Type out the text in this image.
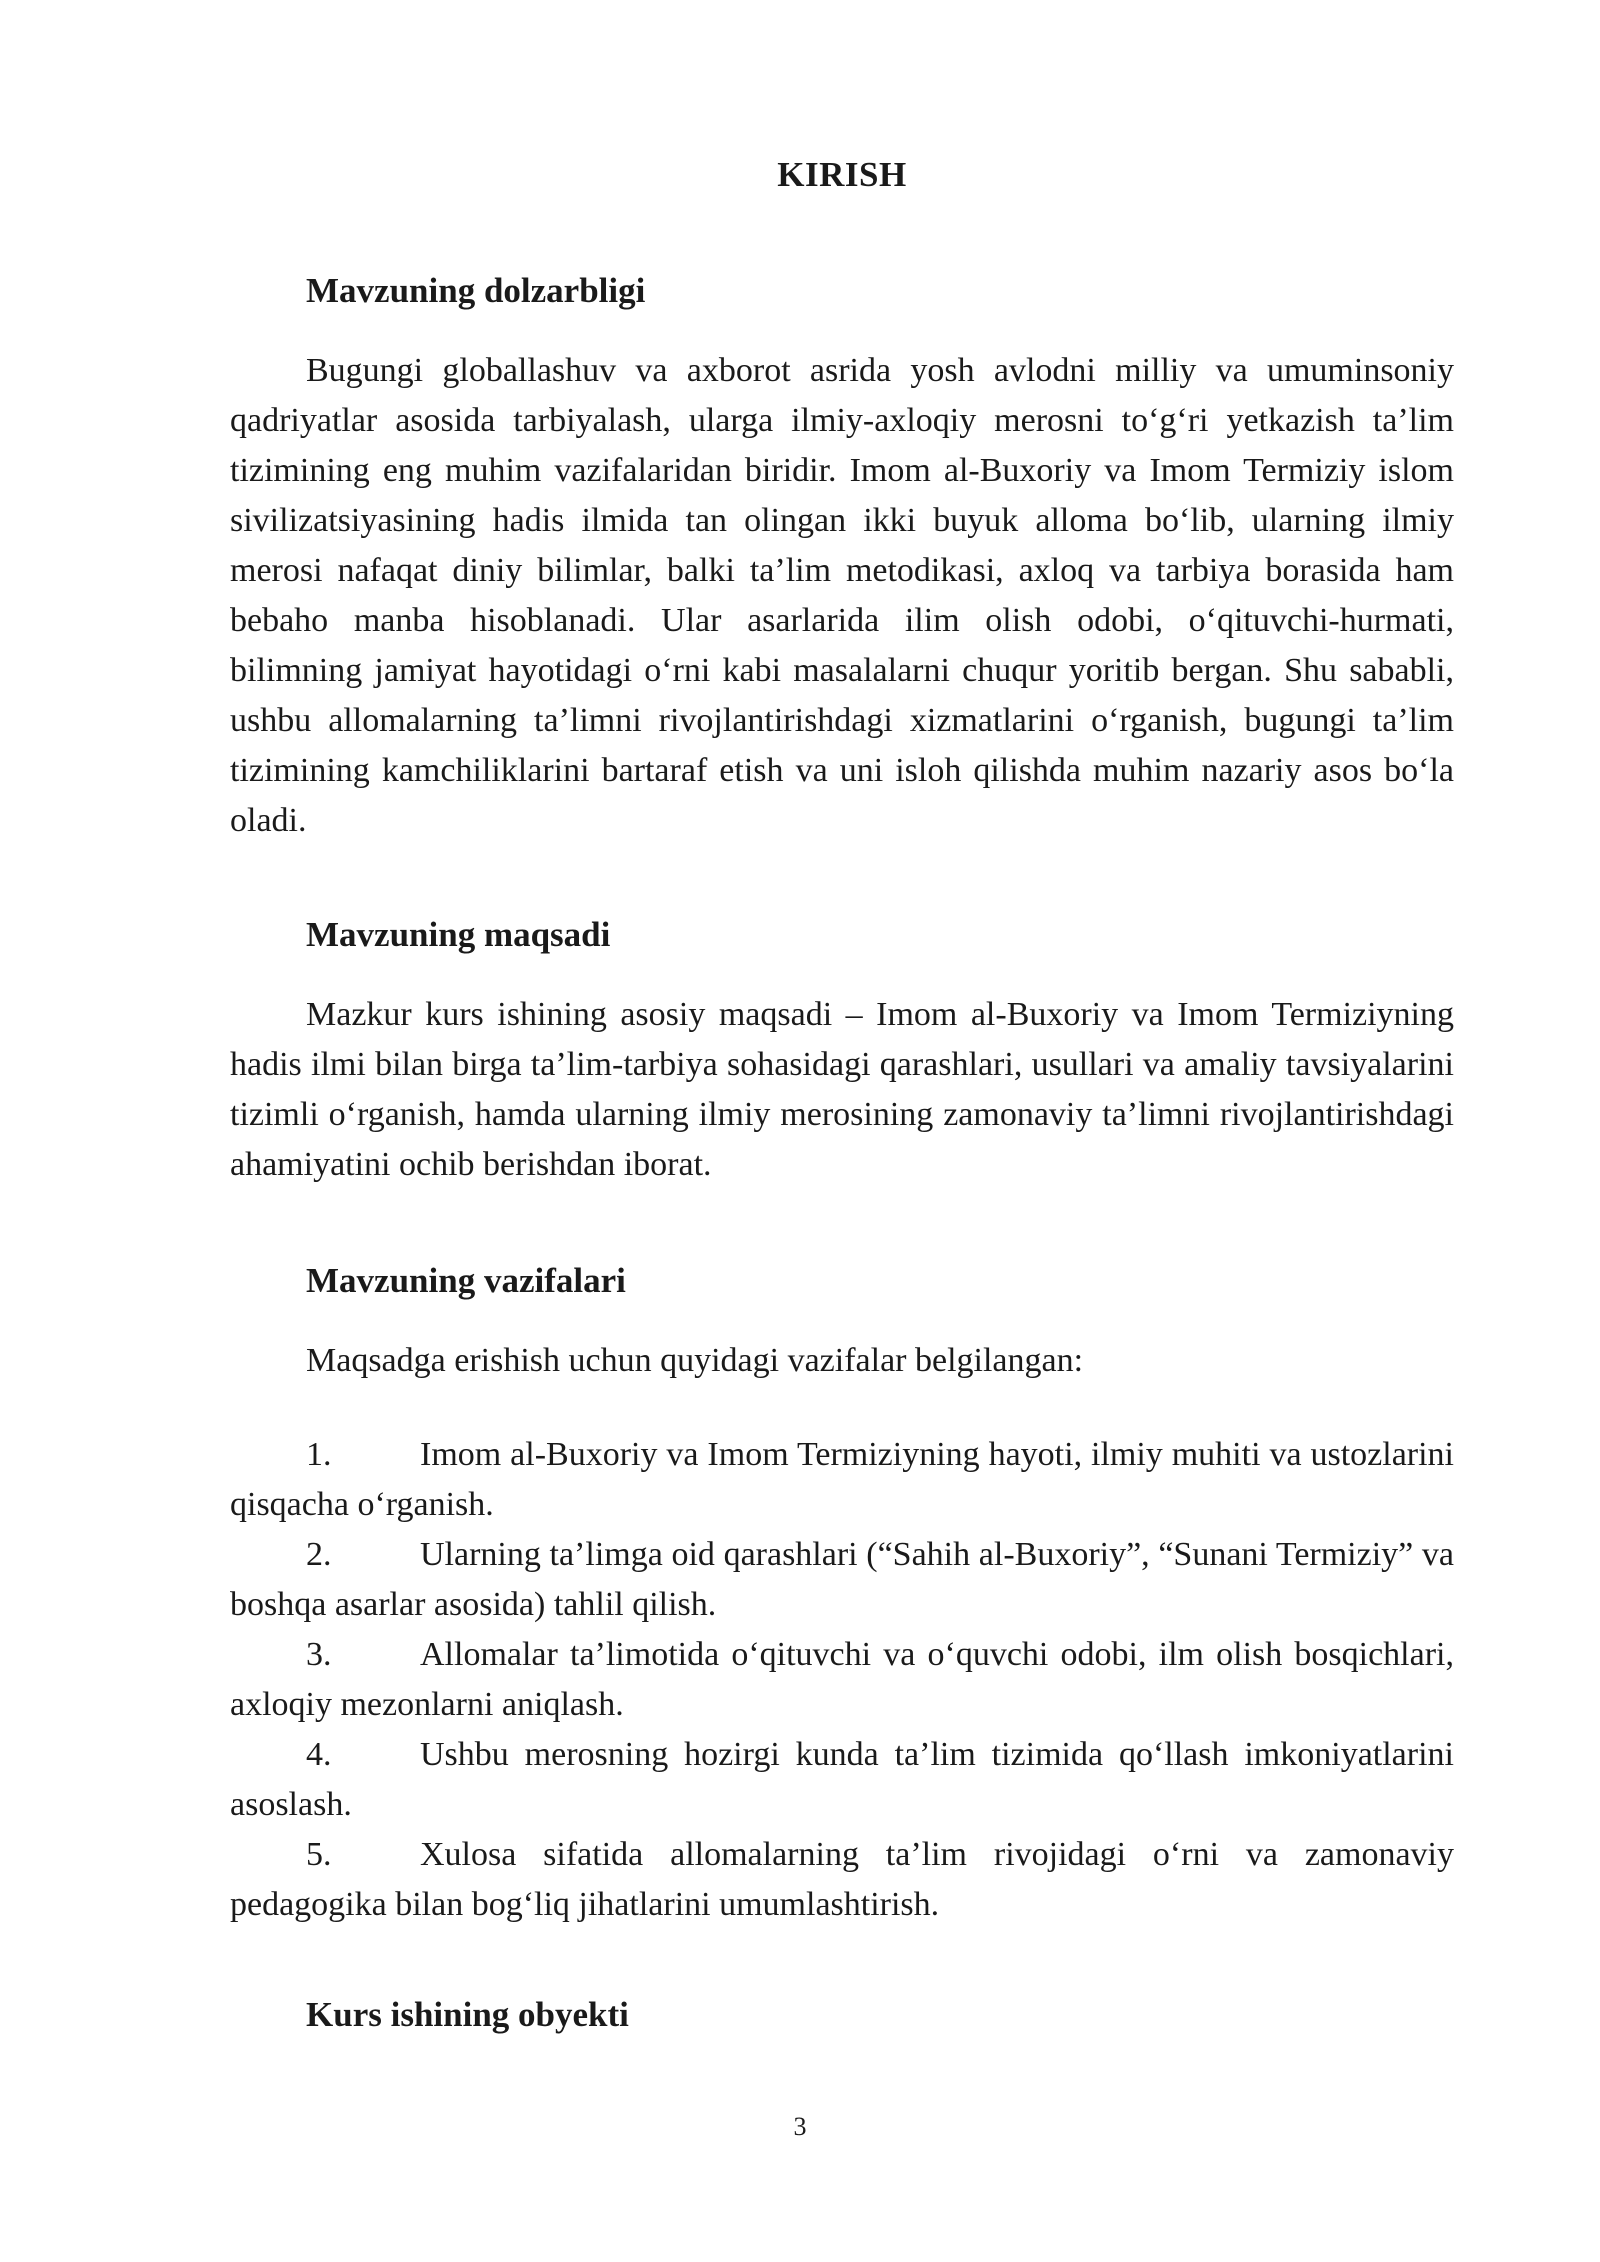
KIRISH
Mavzuning dolzarbligi

Bugungi globallashuv va axborot asrida yosh avlodni milliy va umuminsoniy qadriyatlar asosida tarbiyalash, ularga ilmiy-axloqiy merosni to‘g‘ri yetkazish ta’lim tizimining eng muhim vazifalaridan biridir. Imom al-Buxoriy va Imom Termiziy islom sivilizatsiyasining hadis ilmida tan olingan ikki buyuk alloma bo‘lib, ularning ilmiy merosi nafaqat diniy bilimlar, balki ta’lim metodikasi, axloq va tarbiya borasida ham bebaho manba hisoblanadi. Ular asarlarida ilim olish odobi, o‘qituvchi-hurmati, bilimning jamiyat hayotidagi o‘rni kabi masalalarni chuqur yoritib bergan. Shu sababli, ushbu allomalarning ta’limni rivojlantirishdagi xizmatlarini o‘rganish, bugungi ta’lim tizimining kamchiliklarini bartaraf etish va uni isloh qilishda muhim nazariy asos bo‘la oladi.

Mavzuning maqsadi

Mazkur kurs ishining asosiy maqsadi – Imom al-Buxoriy va Imom Termiziyning hadis ilmi bilan birga ta’lim-tarbiya sohasidagi qarashlari, usullari va amaliy tavsiyalarini tizimli o‘rganish, hamda ularning ilmiy merosining zamonaviy ta’limni rivojlantirishdagi ahamiyatini ochib berishdan iborat.

Mavzuning vazifalari

Maqsadga erishish uchun quyidagi vazifalar belgilangan:

1.	Imom al-Buxoriy va Imom Termiziyning hayoti, ilmiy muhiti va ustozlarini qisqacha o‘rganish.
2.	Ularning ta’limga oid qarashlari (“Sahih al-Buxoriy”, “Sunani Termiziy” va boshqa asarlar asosida) tahlil qilish.
3.	Allomalar ta’limotida o‘qituvchi va o‘quvchi odobi, ilm olish bosqichlari, axloqiy mezonlarni aniqlash.
4.	Ushbu merosning hozirgi kunda ta’lim tizimida qo‘llash imkoniyatlarini asoslash.
5.	Xulosa sifatida allomalarning ta’lim rivojidagi o‘rni va zamonaviy pedagogika bilan bog‘liq jihatlarini umumlashtirish.
Kurs ishining obyekti
3
